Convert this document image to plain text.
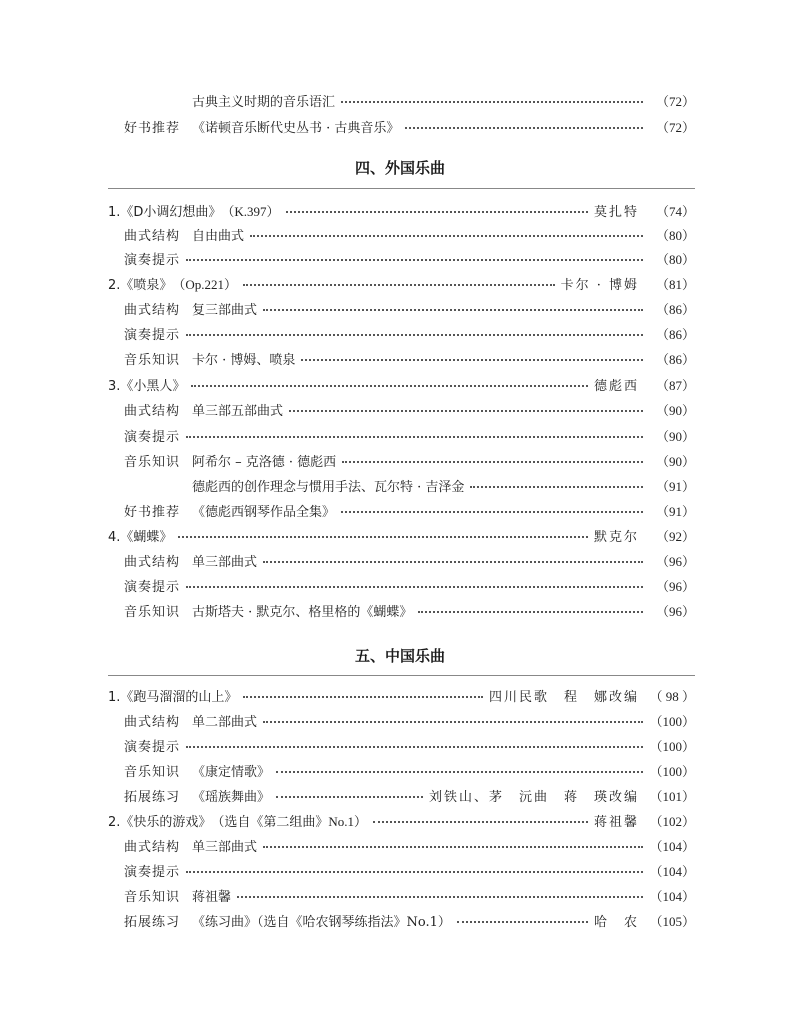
古典主义时期的音乐语汇	（72）
好书推荐 《诺顿音乐断代史丛书 · 古典音乐》	（72）
四、外国乐曲
1.《D小调幻想曲》 （K.397）	莫扎特	（74）
曲式结构 自由曲式	（80）
演奏提示	（80）
2.《喷泉》 （Op.221）	卡尔 · 博姆	（81）
曲式结构 复三部曲式	（86）
演奏提示	（86）
音乐知识 卡尔 · 博姆、喷泉	（86）
3.《小黑人》	德彪西	（87）
曲式结构 单三部五部曲式	（90）
演奏提示	（90）
音乐知识 阿希尔 – 克洛德 · 德彪西	（90）
德彪西的创作理念与惯用手法、瓦尔特 · 吉泽金	（91）
好书推荐 《德彪西钢琴作品全集》	（91）
4.《蝴蝶》	默克尔	（92）
曲式结构 单三部曲式	（96）
演奏提示	（96）
音乐知识 古斯塔夫 · 默克尔、格里格的《蝴蝶》	（96）
五、中国乐曲
1.《跑马溜溜的山上》	四川民歌　程　娜改编 （ 98 ）
曲式结构 单二部曲式	（100）
演奏提示	（100）
音乐知识 《康定情歌》	（100）
拓展练习 《瑶族舞曲》	刘铁山、茅　沅曲　蒋　瑛改编 （101）
2.《快乐的游戏》 （选自《第二组曲》No.1）	蒋祖馨 （102）
曲式结构 单三部曲式	（104）
演奏提示	（104）
音乐知识 蒋祖馨	（104）
拓展练习 《练习曲》（选自《哈农钢琴练指法》No.1）	哈　农 （105）
